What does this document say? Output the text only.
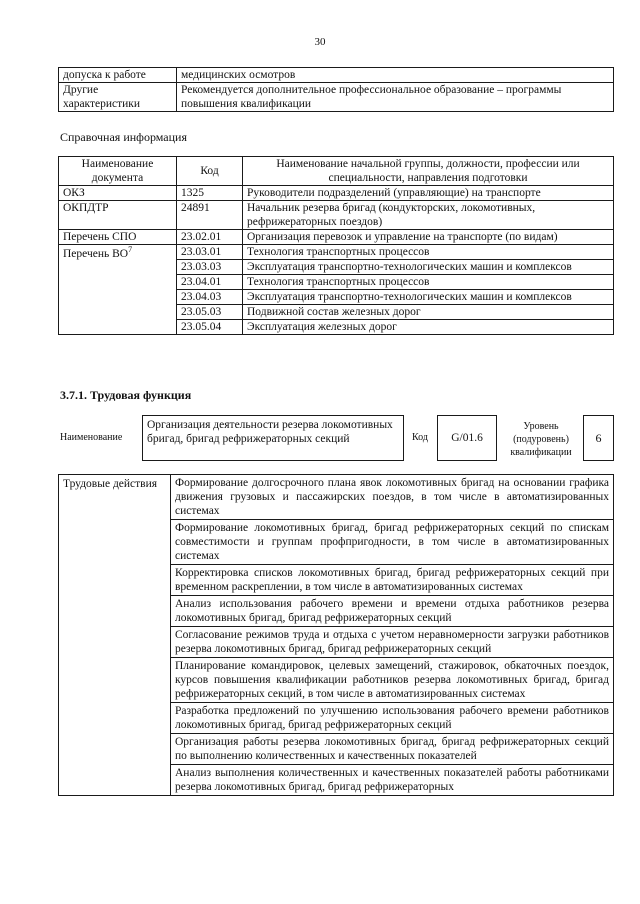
30
допуска к работе	медицинских осмотров
Другие характеристики	Рекомендуется дополнительное профессиональное образование – программы повышения квалификации
Справочная информация
Наименование документа	Код	Наименование начальной группы, должности, профессии или специальности, направления подготовки
ОКЗ	1325	Руководители подразделений (управляющие) на транспорте
ОКПДТР	24891	Начальник резерва бригад (кондукторских, локомотивных, рефрижераторных поездов)
Перечень СПО	23.02.01	Организация перевозок и управление на транспорте (по видам)
Перечень $ВО^7$	23.03.01	Технология транспортных процессов
	23.03.03	Эксплуатация транспортно-технологических машин и комплексов
	23.04.01	Технология транспортных процессов
	23.04.03	Эксплуатация транспортно-технологических машин и комплексов
	23.05.03	Подвижной состав железных дорог
	23.05.04	Эксплуатация железных дорог
3.7.1. Трудовая функция
Наименование
Организация деятельности резерва локомотивных бригад, бригад рефрижераторных секций	Код	G/01.6
Уровень (подуровень) квалификации
6
Трудовые действия	Формирование долгосрочного плана явок локомотивных бригад на основании графика движения грузовых и пассажирских поездов, в том числе в автоматизированных системах
Формирование локомотивных бригад, бригад рефрижераторных секций по спискам совместимости и группам профпригодности, в том числе в автоматизированных системах
Корректировка списков локомотивных бригад, бригад рефрижераторных секций при временном раскреплении, в том числе в автоматизированных системах
Анализ использования рабочего времени и времени отдыха работников резерва локомотивных бригад, бригад рефрижераторных секций
Согласование режимов труда и отдыха с учетом неравномерности загрузки работников резерва локомотивных бригад, бригад рефрижераторных секций
Планирование командировок, целевых замещений, стажировок, обкаточных поездок, курсов повышения квалификации работников резерва локомотивных бригад, бригад рефрижераторных секций, в том числе в автоматизированных системах
Разработка предложений по улучшению использования рабочего времени работников локомотивных бригад, бригад рефрижераторных секций
Организация работы резерва локомотивных бригад, бригад рефрижераторных секций по выполнению количественных и качественных показателей
Анализ выполнения количественных и качественных показателей работы работниками резерва локомотивных бригад, бригад рефрижераторных
